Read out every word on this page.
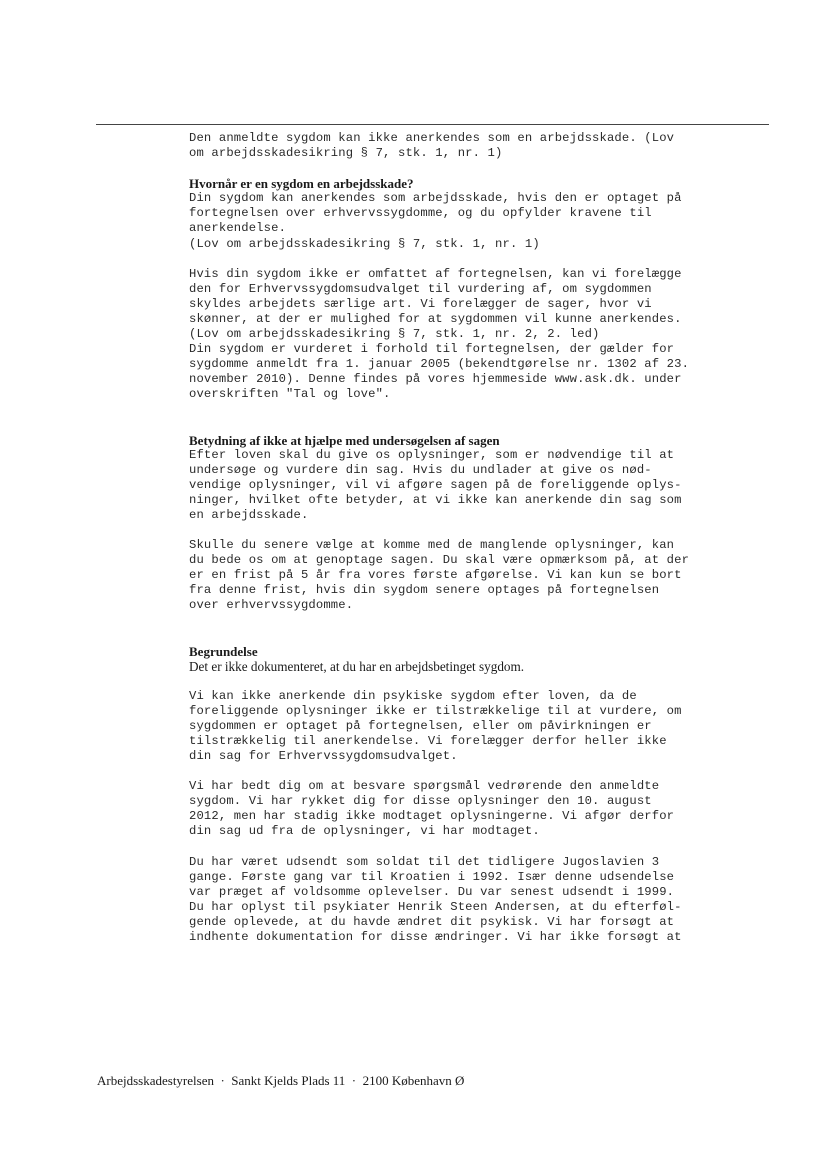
Den anmeldte sygdom kan ikke anerkendes som en arbejdsskade. (Lov
om arbejdsskadesikring § 7, stk. 1, nr. 1)

Hvornår er en sygdom en arbejdsskade?

Din sygdom kan anerkendes som arbejdsskade, hvis den er optaget på
fortegnelsen over erhvervssygdomme, og du opfylder kravene til
anerkendelse.
(Lov om arbejdsskadesikring § 7, stk. 1, nr. 1)

Hvis din sygdom ikke er omfattet af fortegnelsen, kan vi forelægge
den for Erhvervssygdomsudvalget til vurdering af, om sygdommen
skyldes arbejdets særlige art. Vi forelægger de sager, hvor vi
skønner, at der er mulighed for at sygdommen vil kunne anerkendes.
(Lov om arbejdsskadesikring § 7, stk. 1, nr. 2, 2. led)
Din sygdom er vurderet i forhold til fortegnelsen, der gælder for
sygdomme anmeldt fra 1. januar 2005 (bekendtgørelse nr. 1302 af 23.
november 2010). Denne findes på vores hjemmeside www.ask.dk. under
overskriften "Tal og love".

Betydning af ikke at hjælpe med undersøgelsen af sagen

Efter loven skal du give os oplysninger, som er nødvendige til at
undersøge og vurdere din sag. Hvis du undlader at give os nød-
vendige oplysninger, vil vi afgøre sagen på de foreliggende oplys-
ninger, hvilket ofte betyder, at vi ikke kan anerkende din sag som
en arbejdsskade.

Skulle du senere vælge at komme med de manglende oplysninger, kan
du bede os om at genoptage sagen. Du skal være opmærksom på, at der
er en frist på 5 år fra vores første afgørelse. Vi kan kun se bort
fra denne frist, hvis din sygdom senere optages på fortegnelsen
over erhvervssygdomme.

Begrundelse

Det er ikke dokumenteret, at du har en arbejdsbetinget sygdom.

Vi kan ikke anerkende din psykiske sygdom efter loven, da de
foreliggende oplysninger ikke er tilstrækkelige til at vurdere, om
sygdommen er optaget på fortegnelsen, eller om påvirkningen er
tilstrækkelig til anerkendelse. Vi forelægger derfor heller ikke
din sag for Erhvervssygdomsudvalget.

Vi har bedt dig om at besvare spørgsmål vedrørende den anmeldte
sygdom. Vi har rykket dig for disse oplysninger den 10. august
2012, men har stadig ikke modtaget oplysningerne. Vi afgør derfor
din sag ud fra de oplysninger, vi har modtaget.

Du har været udsendt som soldat til det tidligere Jugoslavien 3
gange. Første gang var til Kroatien i 1992. Især denne udsendelse
var præget af voldsomme oplevelser. Du var senest udsendt i 1999.
Du har oplyst til psykiater Henrik Steen Andersen, at du efterføl-
gende oplevede, at du havde ændret dit psykisk. Vi har forsøgt at
indhente dokumentation for disse ændringer. Vi har ikke forsøgt at

Arbejdsskadestyrelsen  ·  Sankt Kjelds Plads 11  ·  2100 København Ø
